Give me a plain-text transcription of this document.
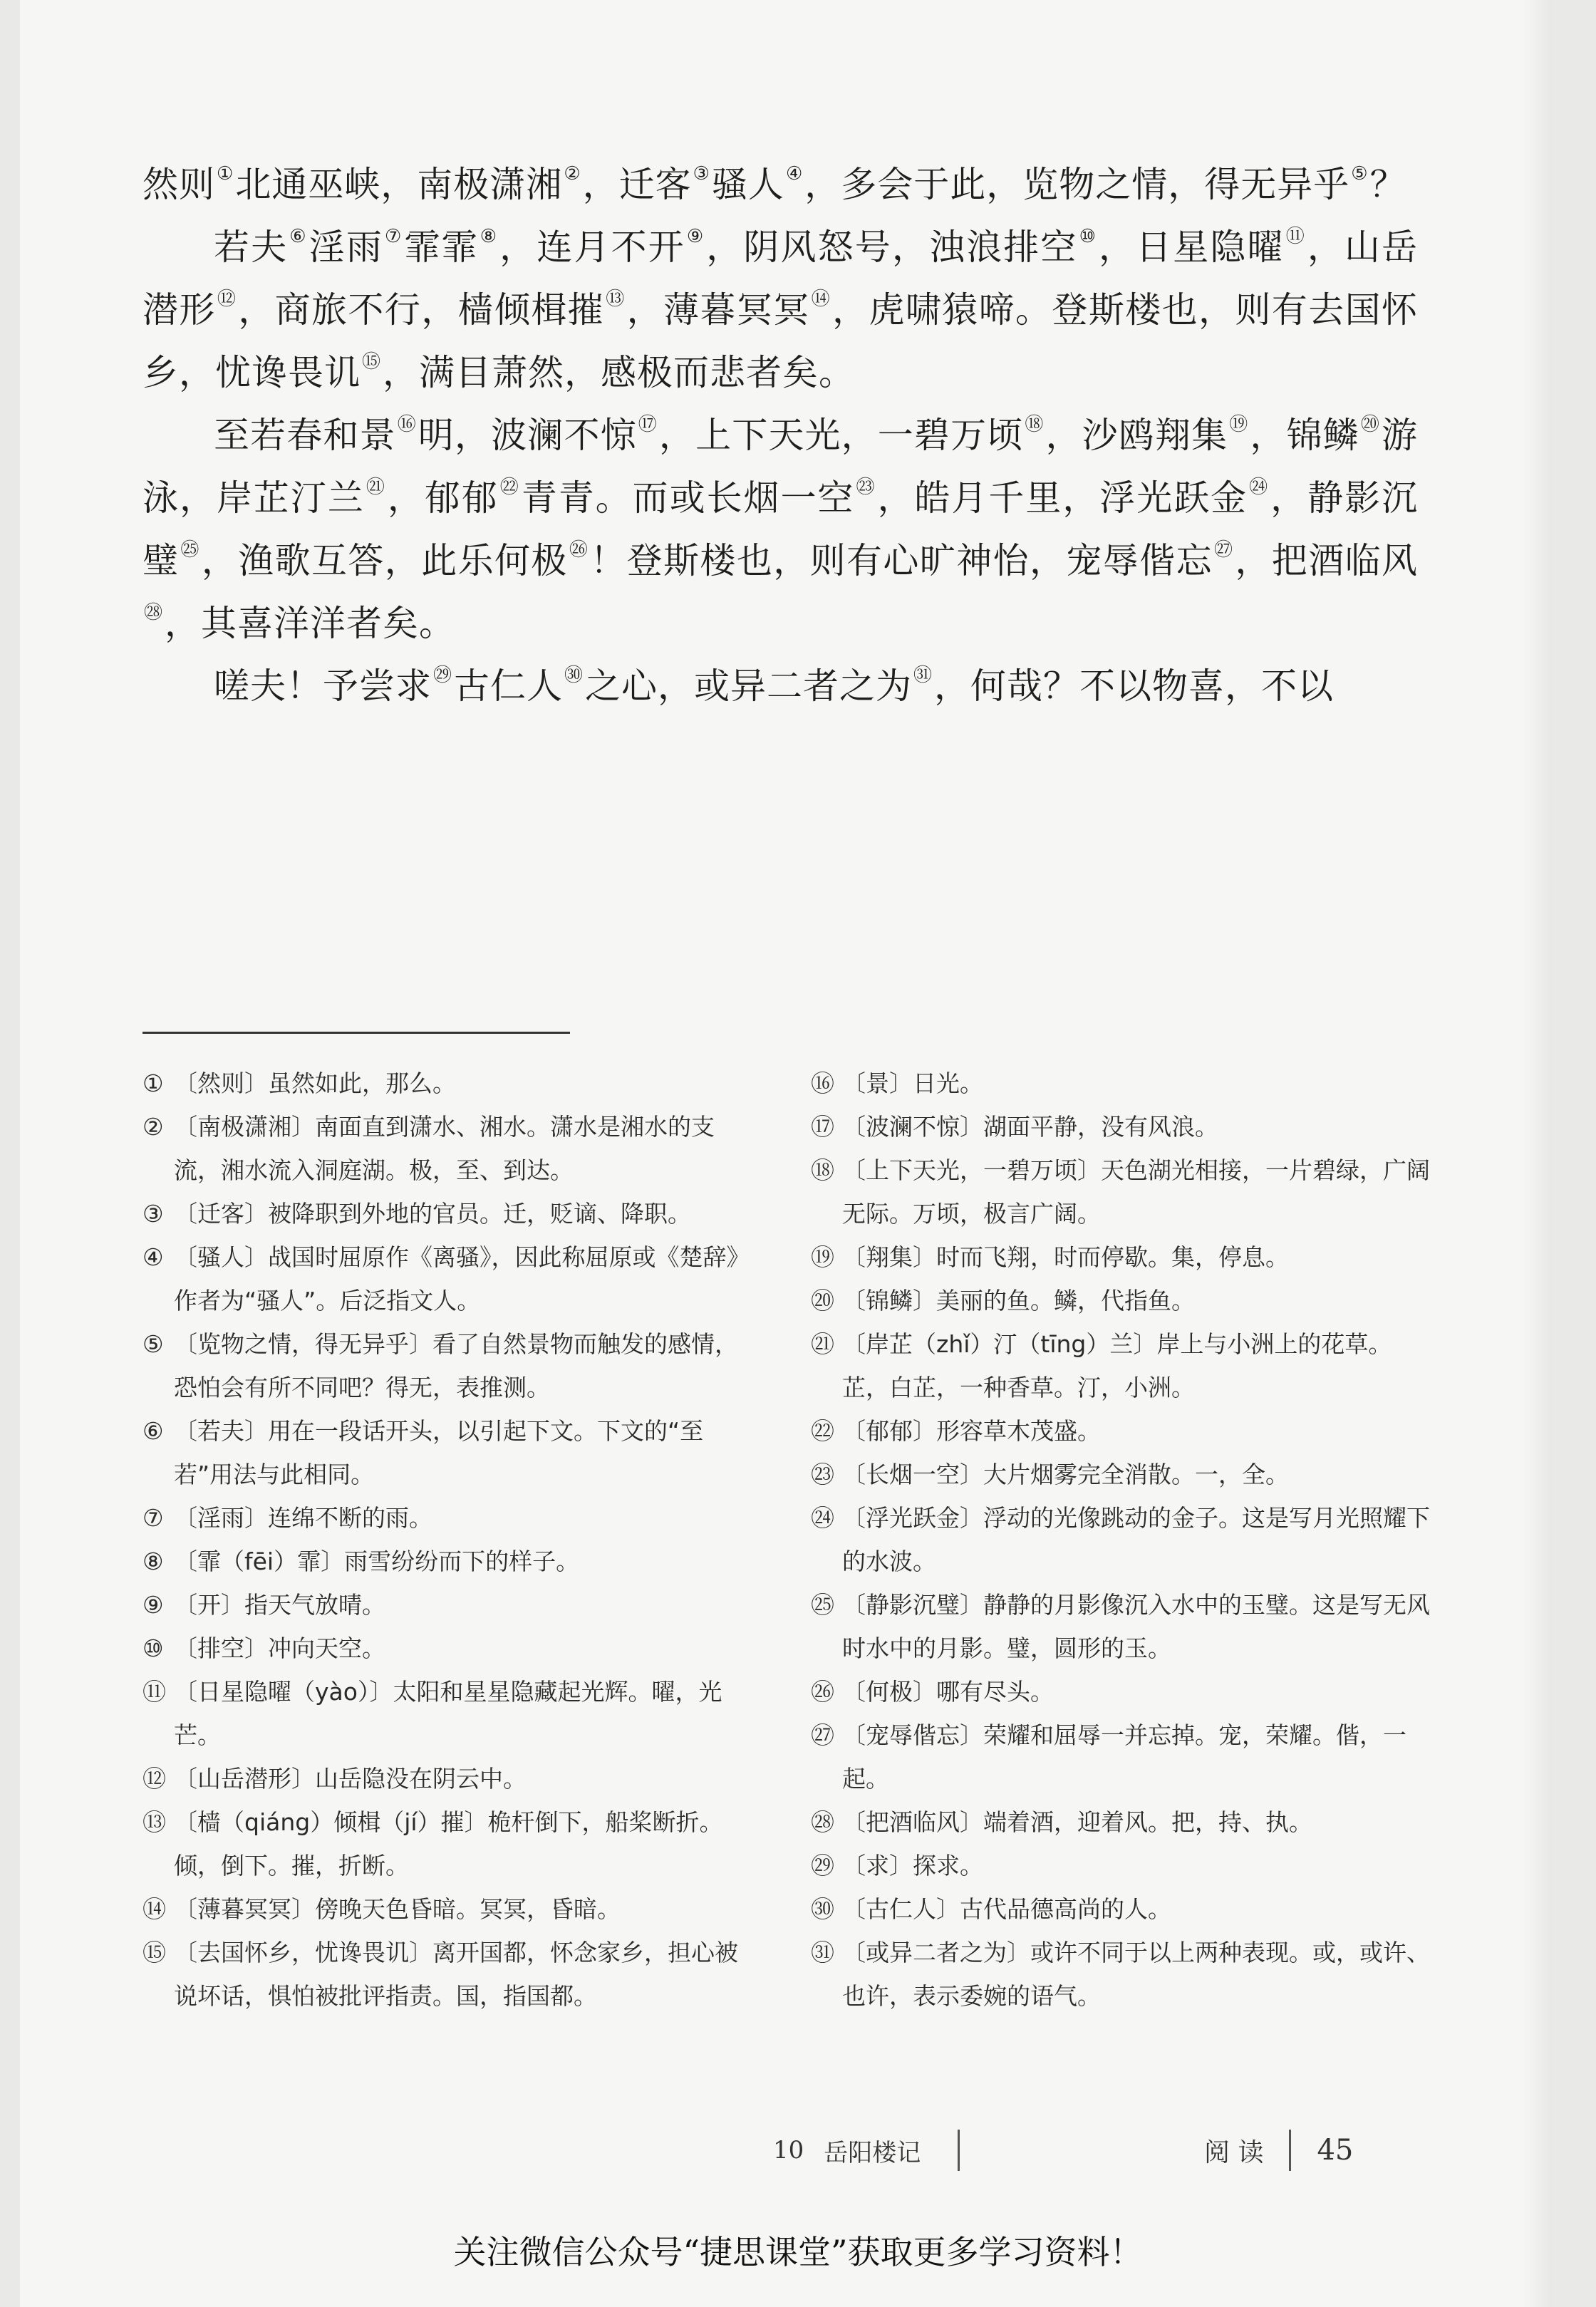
然则①北通巫峡，南极潇湘②，迁客③骚人④，多会于此，览物之情，得无异乎⑤？

若夫⑥淫雨⑦霏霏⑧，连月不开⑨，阴风怒号，浊浪排空⑩，日星隐曜⑪，山岳潜形⑫，商旅不行，樯倾楫摧⑬，薄暮冥冥⑭，虎啸猿啼。登斯楼也，则有去国怀乡，忧谗畏讥⑮，满目萧然，感极而悲者矣。

至若春和景⑯明，波澜不惊⑰，上下天光，一碧万顷⑱，沙鸥翔集⑲，锦鳞⑳游泳，岸芷汀兰$^㉑$，郁郁$^㉒$青青。而或长烟一空$^㉓$，皓月千里，浮光跃金$^㉔$，静影沉璧$^㉕$，渔歌互答，此乐何极$^㉖$！登斯楼也，则有心旷神怡，宠辱偕忘$^㉗$，把酒临风$^㉘$，其喜洋洋者矣。

嗟夫！予尝求$^㉙$古仁人$^㉚$之心，或异二者之为$^㉛$，何哉？不以物喜，不以

① 〔然则〕虽然如此，那么。
② 〔南极潇湘〕南面直到潇水、湘水。潇水是湘水的支流，湘水流入洞庭湖。极，至、到达。
③ 〔迁客〕被降职到外地的官员。迁，贬谪、降职。
④ 〔骚人〕战国时屈原作《离骚》，因此称屈原或《楚辞》作者为“骚人”。后泛指文人。
⑤ 〔览物之情，得无异乎〕看了自然景物而触发的感情，恐怕会有所不同吧？得无，表推测。
⑥ 〔若夫〕用在一段话开头，以引起下文。下文的“至若”用法与此相同。
⑦ 〔淫雨〕连绵不断的雨。
⑧ 〔霏（fēi）霏〕雨雪纷纷而下的样子。
⑨ 〔开〕指天气放晴。
⑩ 〔排空〕冲向天空。
⑪ 〔日星隐曜（yào）〕太阳和星星隐藏起光辉。曜，光芒。
⑫ 〔山岳潜形〕山岳隐没在阴云中。
⑬ 〔樯（qiáng）倾楫（jí）摧〕桅杆倒下，船桨断折。倾，倒下。摧，折断。
⑭ 〔薄暮冥冥〕傍晚天色昏暗。冥冥，昏暗。
⑮ 〔去国怀乡，忧谗畏讥〕离开国都，怀念家乡，担心被说坏话，惧怕被批评指责。国，指国都。
⑯ 〔景〕日光。
⑰ 〔波澜不惊〕湖面平静，没有风浪。
⑱ 〔上下天光，一碧万顷〕天色湖光相接，一片碧绿，广阔无际。万顷，极言广阔。
⑲ 〔翔集〕时而飞翔，时而停歇。集，停息。
⑳ 〔锦鳞〕美丽的鱼。鳞，代指鱼。
㉑ 〔岸芷（zhǐ）汀（tīng）兰〕岸上与小洲上的花草。芷，白芷，一种香草。汀，小洲。
㉒ 〔郁郁〕形容草木茂盛。
㉓ 〔长烟一空〕大片烟雾完全消散。一，全。
㉔ 〔浮光跃金〕浮动的光像跳动的金子。这是写月光照耀下的水波。
㉕ 〔静影沉璧〕静静的月影像沉入水中的玉璧。这是写无风时水中的月影。璧，圆形的玉。
㉖ 〔何极〕哪有尽头。
㉗ 〔宠辱偕忘〕荣耀和屈辱一并忘掉。宠，荣耀。偕，一起。
㉘ 〔把酒临风〕端着酒，迎着风。把，持、执。
㉙ 〔求〕探求。
㉚ 〔古仁人〕古代品德高尚的人。
㉛ 〔或异二者之为〕或许不同于以上两种表现。或，或许、也许，表示委婉的语气。
10 岳阳楼记	阅 读 45
关注微信公众号“捷思课堂”获取更多学习资料！
